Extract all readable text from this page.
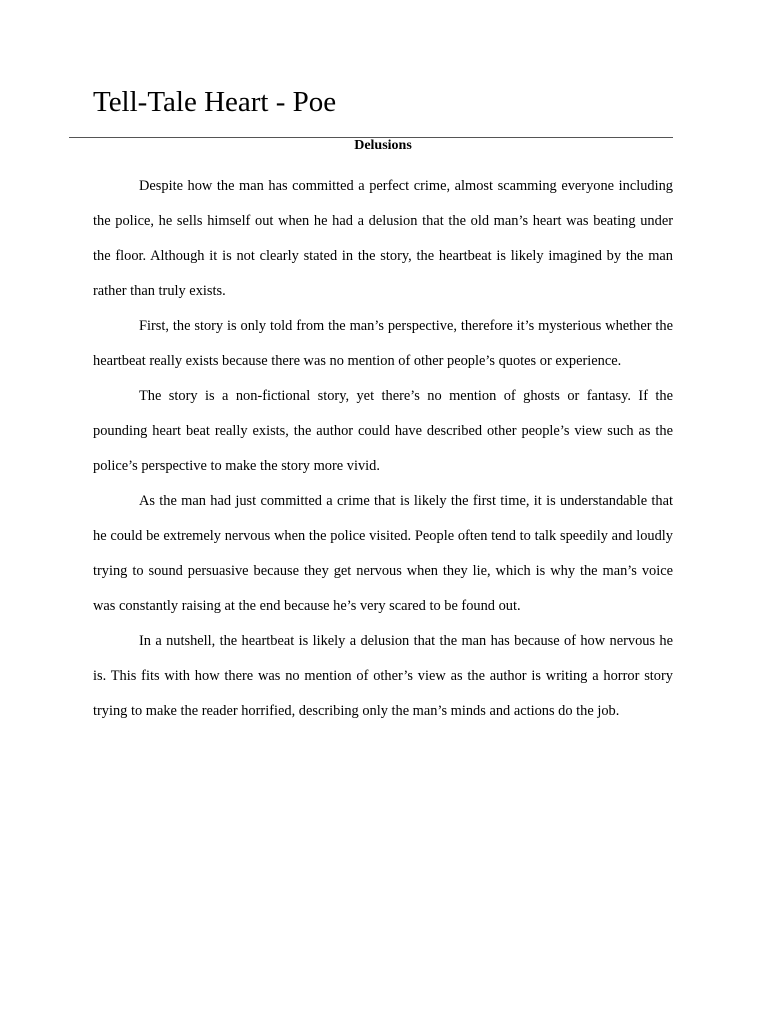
Tell-Tale Heart - Poe
Delusions

Despite how the man has committed a perfect crime, almost scamming everyone including the police, he sells himself out when he had a delusion that the old man’s heart was beating under the floor. Although it is not clearly stated in the story, the heartbeat is likely imagined by the man rather than truly exists.

First, the story is only told from the man’s perspective, therefore it’s mysterious whether the heartbeat really exists because there was no mention of other people’s quotes or experience.

The story is a non-fictional story, yet there’s no mention of ghosts or fantasy. If the pounding heart beat really exists, the author could have described other people’s view such as the police’s perspective to make the story more vivid.

As the man had just committed a crime that is likely the first time, it is understandable that he could be extremely nervous when the police visited. People often tend to talk speedily and loudly trying to sound persuasive because they get nervous when they lie, which is why the man’s voice was constantly raising at the end because he’s very scared to be found out.

In a nutshell, the heartbeat is likely a delusion that the man has because of how nervous he is. This fits with how there was no mention of other’s view as the author is writing a horror story trying to make the reader horrified, describing only the man’s minds and actions do the job.
